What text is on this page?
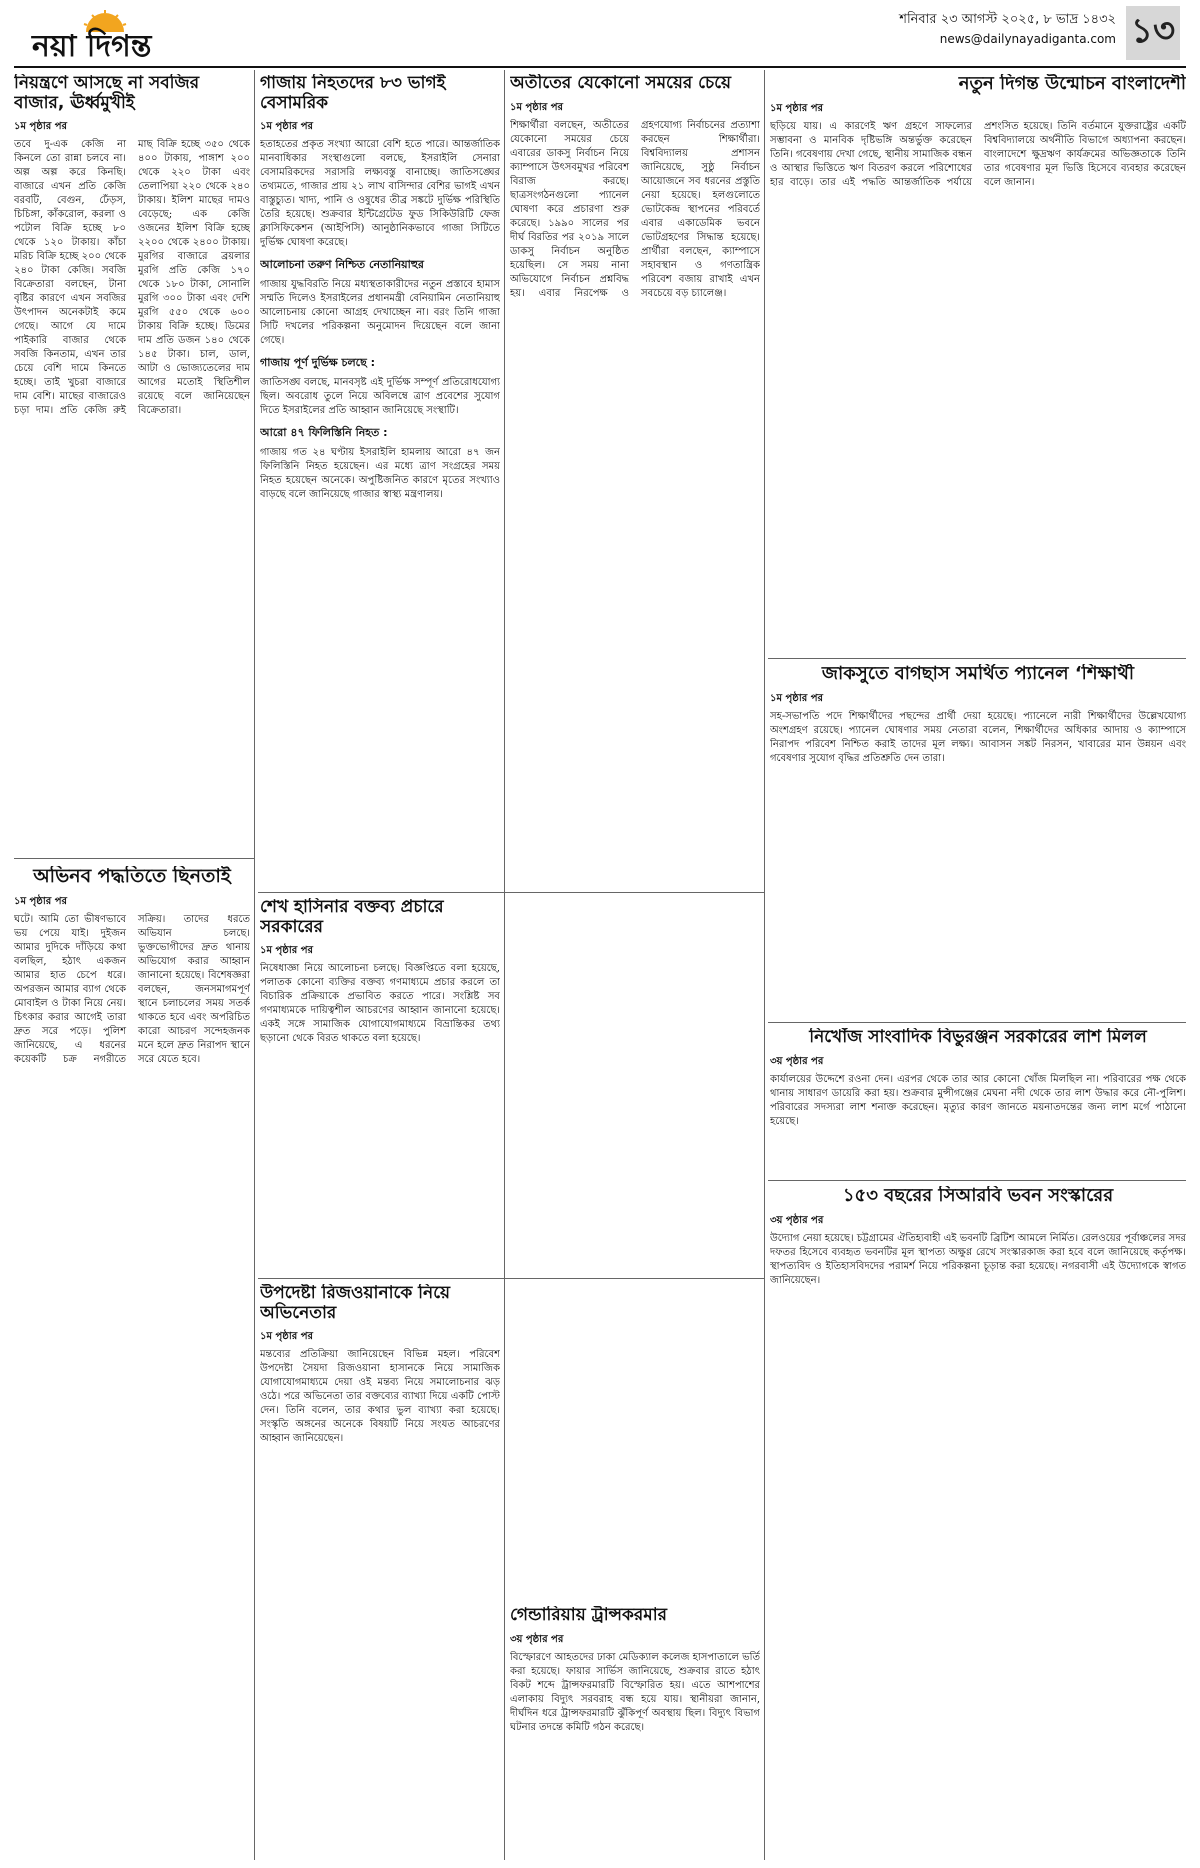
নয়া দিগন্ত
শনিবার ২৩ আগস্ট ২০২৫, ৮ ভাদ্র ১৪৩২
news@dailynayadiganta.com ১৩
নিয়ন্ত্রণে আসছে না সবজির বাজার, ঊর্ধ্বমুখীই
১ম পৃষ্ঠার পর

তবে দু-এক কেজি না কিনলে তো রান্না চলবে না। অল্প অল্প করে কিনছি। বাজারে এখন প্রতি কেজি বরবটি, বেগুন, ঢেঁড়স, চিচিঙ্গা, কাঁকরোল, করলা ও পটোল বিক্রি হচ্ছে ৮০ থেকে ১২০ টাকায়। কাঁচা মরিচ বিক্রি হচ্ছে ২০০ থেকে ২৪০ টাকা কেজি। সবজি বিক্রেতারা বলছেন, টানা বৃষ্টির কারণে এখন সবজির উৎপাদন অনেকটাই কমে গেছে। আগে যে দামে পাইকারি বাজার থেকে সবজি কিনতাম, এখন তার চেয়ে বেশি দামে কিনতে হচ্ছে। তাই খুচরা বাজারে দাম বেশি। মাছের বাজারেও চড়া দাম। প্রতি কেজি রুই মাছ বিক্রি হচ্ছে ৩৫০ থেকে ৪০০ টাকায়, পাঙ্গাশ ২০০ থেকে ২২০ টাকা এবং তেলাপিয়া ২২০ থেকে ২৪০ টাকায়। ইলিশ মাছের দামও বেড়েছে; এক কেজি ওজনের ইলিশ বিক্রি হচ্ছে ২২০০ থেকে ২৪০০ টাকায়। মুরগির বাজারে ব্রয়লার মুরগি প্রতি কেজি ১৭০ থেকে ১৮০ টাকা, সোনালি মুরগি ৩০০ টাকা এবং দেশি মুরগি ৫৫০ থেকে ৬০০ টাকায় বিক্রি হচ্ছে। ডিমের দাম প্রতি ডজন ১৪০ থেকে ১৪৫ টাকা। চাল, ডাল, আটা ও ভোজ্যতেলের দাম আগের মতোই স্থিতিশীল রয়েছে বলে জানিয়েছেন বিক্রেতারা।

অভিনব পদ্ধতিতে ছিনতাই
১ম পৃষ্ঠার পর

ঘটে। আমি তো ভীষণভাবে ভয় পেয়ে যাই। দুইজন আমার দুদিকে দাঁড়িয়ে কথা বলছিল, হঠাৎ একজন আমার হাত চেপে ধরে। অপরজন আমার ব্যাগ থেকে মোবাইল ও টাকা নিয়ে নেয়। চিৎকার করার আগেই তারা দ্রুত সরে পড়ে। পুলিশ জানিয়েছে, এ ধরনের কয়েকটি চক্র নগরীতে সক্রিয়। তাদের ধরতে অভিযান চলছে। ভুক্তভোগীদের দ্রুত থানায় অভিযোগ করার আহ্বান জানানো হয়েছে। বিশেষজ্ঞরা বলছেন, জনসমাগমপূর্ণ স্থানে চলাচলের সময় সতর্ক থাকতে হবে এবং অপরিচিত কারো আচরণ সন্দেহজনক মনে হলে দ্রুত নিরাপদ স্থানে সরে যেতে হবে।

গাজায় নিহতদের ৮৩ ভাগই বেসামরিক
১ম পৃষ্ঠার পর

হতাহতের প্রকৃত সংখ্যা আরো বেশি হতে পারে। আন্তর্জাতিক মানবাধিকার সংস্থাগুলো বলছে, ইসরাইলি সেনারা বেসামরিকদের সরাসরি লক্ষ্যবস্তু বানাচ্ছে। জাতিসঙ্ঘের তথ্যমতে, গাজার প্রায় ২১ লাখ বাসিন্দার বেশির ভাগই এখন বাস্তুচ্যুত। খাদ্য, পানি ও ওষুধের তীব্র সঙ্কটে দুর্ভিক্ষ পরিস্থিতি তৈরি হয়েছে। শুক্রবার ইন্টিগ্রেটেড ফুড সিকিউরিটি ফেজ ক্লাসিফিকেশন (আইপিসি) আনুষ্ঠানিকভাবে গাজা সিটিতে দুর্ভিক্ষ ঘোষণা করেছে।

আলোচনা তরুণ নিশ্চিত নেতানিয়াহুর

গাজায় যুদ্ধবিরতি নিয়ে মধ্যস্থতাকারীদের নতুন প্রস্তাবে হামাস সম্মতি দিলেও ইসরাইলের প্রধানমন্ত্রী বেনিয়ামিন নেতানিয়াহু আলোচনায় কোনো আগ্রহ দেখাচ্ছেন না। বরং তিনি গাজা সিটি দখলের পরিকল্পনা অনুমোদন দিয়েছেন বলে জানা গেছে।

গাজায় পূর্ণ দুর্ভিক্ষ চলছে :

জাতিসঙ্ঘ বলছে, মানবসৃষ্ট এই দুর্ভিক্ষ সম্পূর্ণ প্রতিরোধযোগ্য ছিল। অবরোধ তুলে নিয়ে অবিলম্বে ত্রাণ প্রবেশের সুযোগ দিতে ইসরাইলের প্রতি আহ্বান জানিয়েছে সংস্থাটি।

আরো ৪৭ ফিলিস্তিনি নিহত :

গাজায় গত ২৪ ঘণ্টায় ইসরাইলি হামলায় আরো ৪৭ জন ফিলিস্তিনি নিহত হয়েছেন। এর মধ্যে ত্রাণ সংগ্রহের সময় নিহত হয়েছেন অনেকে। অপুষ্টিজনিত কারণে মৃতের সংখ্যাও বাড়ছে বলে জানিয়েছে গাজার স্বাস্থ্য মন্ত্রণালয়।

অতীতের যেকোনো সময়ের চেয়ে
১ম পৃষ্ঠার পর

শিক্ষার্থীরা বলছেন, অতীতের যেকোনো সময়ের চেয়ে এবারের ডাকসু নির্বাচন নিয়ে ক্যাম্পাসে উৎসবমুখর পরিবেশ বিরাজ করছে। ছাত্রসংগঠনগুলো প্যানেল ঘোষণা করে প্রচারণা শুরু করেছে। ১৯৯০ সালের পর দীর্ঘ বিরতির পর ২০১৯ সালে ডাকসু নির্বাচন অনুষ্ঠিত হয়েছিল। সে সময় নানা অভিযোগে নির্বাচন প্রশ্নবিদ্ধ হয়। এবার নিরপেক্ষ ও গ্রহণযোগ্য নির্বাচনের প্রত্যাশা করছেন শিক্ষার্থীরা। বিশ্ববিদ্যালয় প্রশাসন জানিয়েছে, সুষ্ঠু নির্বাচন আয়োজনে সব ধরনের প্রস্তুতি নেয়া হয়েছে। হলগুলোতে ভোটকেন্দ্র স্থাপনের পরিবর্তে এবার একাডেমিক ভবনে ভোটগ্রহণের সিদ্ধান্ত হয়েছে। প্রার্থীরা বলছেন, ক্যাম্পাসে সহাবস্থান ও গণতান্ত্রিক পরিবেশ বজায় রাখাই এখন সবচেয়ে বড় চ্যালেঞ্জ।

শেখ হাসিনার বক্তব্য প্রচারে সরকারের
১ম পৃষ্ঠার পর

নিষেধাজ্ঞা নিয়ে আলোচনা চলছে। বিজ্ঞপ্তিতে বলা হয়েছে, পলাতক কোনো ব্যক্তির বক্তব্য গণমাধ্যমে প্রচার করলে তা বিচারিক প্রক্রিয়াকে প্রভাবিত করতে পারে। সংশ্লিষ্ট সব গণমাধ্যমকে দায়িত্বশীল আচরণের আহ্বান জানানো হয়েছে। একই সঙ্গে সামাজিক যোগাযোগমাধ্যমে বিভ্রান্তিকর তথ্য ছড়ানো থেকে বিরত থাকতে বলা হয়েছে।

উপদেষ্টা রিজওয়ানাকে নিয়ে অভিনেতার
১ম পৃষ্ঠার পর

মন্তব্যের প্রতিক্রিয়া জানিয়েছেন বিভিন্ন মহল। পরিবেশ উপদেষ্টা সৈয়দা রিজওয়ানা হাসানকে নিয়ে সামাজিক যোগাযোগমাধ্যমে দেয়া ওই মন্তব্য নিয়ে সমালোচনার ঝড় ওঠে। পরে অভিনেতা তার বক্তব্যের ব্যাখ্যা দিয়ে একটি পোস্ট দেন। তিনি বলেন, তার কথার ভুল ব্যাখ্যা করা হয়েছে। সংস্কৃতি অঙ্গনের অনেকে বিষয়টি নিয়ে সংযত আচরণের আহ্বান জানিয়েছেন।

গেন্ডারিয়ায় ট্রান্সকরমার
৩য় পৃষ্ঠার পর

বিস্ফোরণে আহতদের ঢাকা মেডিক্যাল কলেজ হাসপাতালে ভর্তি করা হয়েছে। ফায়ার সার্ভিস জানিয়েছে, শুক্রবার রাতে হঠাৎ বিকট শব্দে ট্রান্সফরমারটি বিস্ফোরিত হয়। এতে আশপাশের এলাকায় বিদ্যুৎ সরবরাহ বন্ধ হয়ে যায়। স্থানীয়রা জানান, দীর্ঘদিন ধরে ট্রান্সফরমারটি ঝুঁকিপূর্ণ অবস্থায় ছিল। বিদ্যুৎ বিভাগ ঘটনার তদন্তে কমিটি গঠন করেছে।

নতুন দিগন্ত উন্মোচন বাংলাদেশী
১ম পৃষ্ঠার পর

ছড়িয়ে যায়। এ কারণেই ঋণ গ্রহণে সাফল্যের সম্ভাবনা ও মানবিক দৃষ্টিভঙ্গি অন্তর্ভুক্ত করেছেন তিনি। গবেষণায় দেখা গেছে, স্থানীয় সামাজিক বন্ধন ও আস্থার ভিত্তিতে ঋণ বিতরণ করলে পরিশোধের হার বাড়ে। তার এই পদ্ধতি আন্তর্জাতিক পর্যায়ে প্রশংসিত হয়েছে। তিনি বর্তমানে যুক্তরাষ্ট্রের একটি বিশ্ববিদ্যালয়ে অর্থনীতি বিভাগে অধ্যাপনা করছেন। বাংলাদেশে ক্ষুদ্রঋণ কার্যক্রমের অভিজ্ঞতাকে তিনি তার গবেষণার মূল ভিত্তি হিসেবে ব্যবহার করেছেন বলে জানান।

জাকসুতে বাগছাস সমর্থিত প্যানেল ‘শিক্ষার্থী
১ম পৃষ্ঠার পর

সহ-সভাপতি পদে শিক্ষার্থীদের পছন্দের প্রার্থী দেয়া হয়েছে। প্যানেলে নারী শিক্ষার্থীদের উল্লেখযোগ্য অংশগ্রহণ রয়েছে। প্যানেল ঘোষণার সময় নেতারা বলেন, শিক্ষার্থীদের অধিকার আদায় ও ক্যাম্পাসে নিরাপদ পরিবেশ নিশ্চিত করাই তাদের মূল লক্ষ্য। আবাসন সঙ্কট নিরসন, খাবারের মান উন্নয়ন এবং গবেষণার সুযোগ বৃদ্ধির প্রতিশ্রুতি দেন তারা।

নিখোঁজ সাংবাদিক বিভুরঞ্জন সরকারের লাশ মিলল
৩য় পৃষ্ঠার পর

কার্যালয়ের উদ্দেশে রওনা দেন। এরপর থেকে তার আর কোনো খোঁজ মিলছিল না। পরিবারের পক্ষ থেকে থানায় সাধারণ ডায়েরি করা হয়। শুক্রবার মুন্সীগঞ্জের মেঘনা নদী থেকে তার লাশ উদ্ধার করে নৌ-পুলিশ। পরিবারের সদস্যরা লাশ শনাক্ত করেছেন। মৃত্যুর কারণ জানতে ময়নাতদন্তের জন্য লাশ মর্গে পাঠানো হয়েছে।

১৫৩ বছরের সিআরবি ভবন সংস্কারের
৩য় পৃষ্ঠার পর

উদ্যোগ নেয়া হয়েছে। চট্টগ্রামের ঐতিহ্যবাহী এই ভবনটি ব্রিটিশ আমলে নির্মিত। রেলওয়ের পূর্বাঞ্চলের সদর দফতর হিসেবে ব্যবহৃত ভবনটির মূল স্থাপত্য অক্ষুণ্ণ রেখে সংস্কারকাজ করা হবে বলে জানিয়েছে কর্তৃপক্ষ। স্থাপত্যবিদ ও ইতিহাসবিদদের পরামর্শ নিয়ে পরিকল্পনা চূড়ান্ত করা হয়েছে। নগরবাসী এই উদ্যোগকে স্বাগত জানিয়েছেন।
